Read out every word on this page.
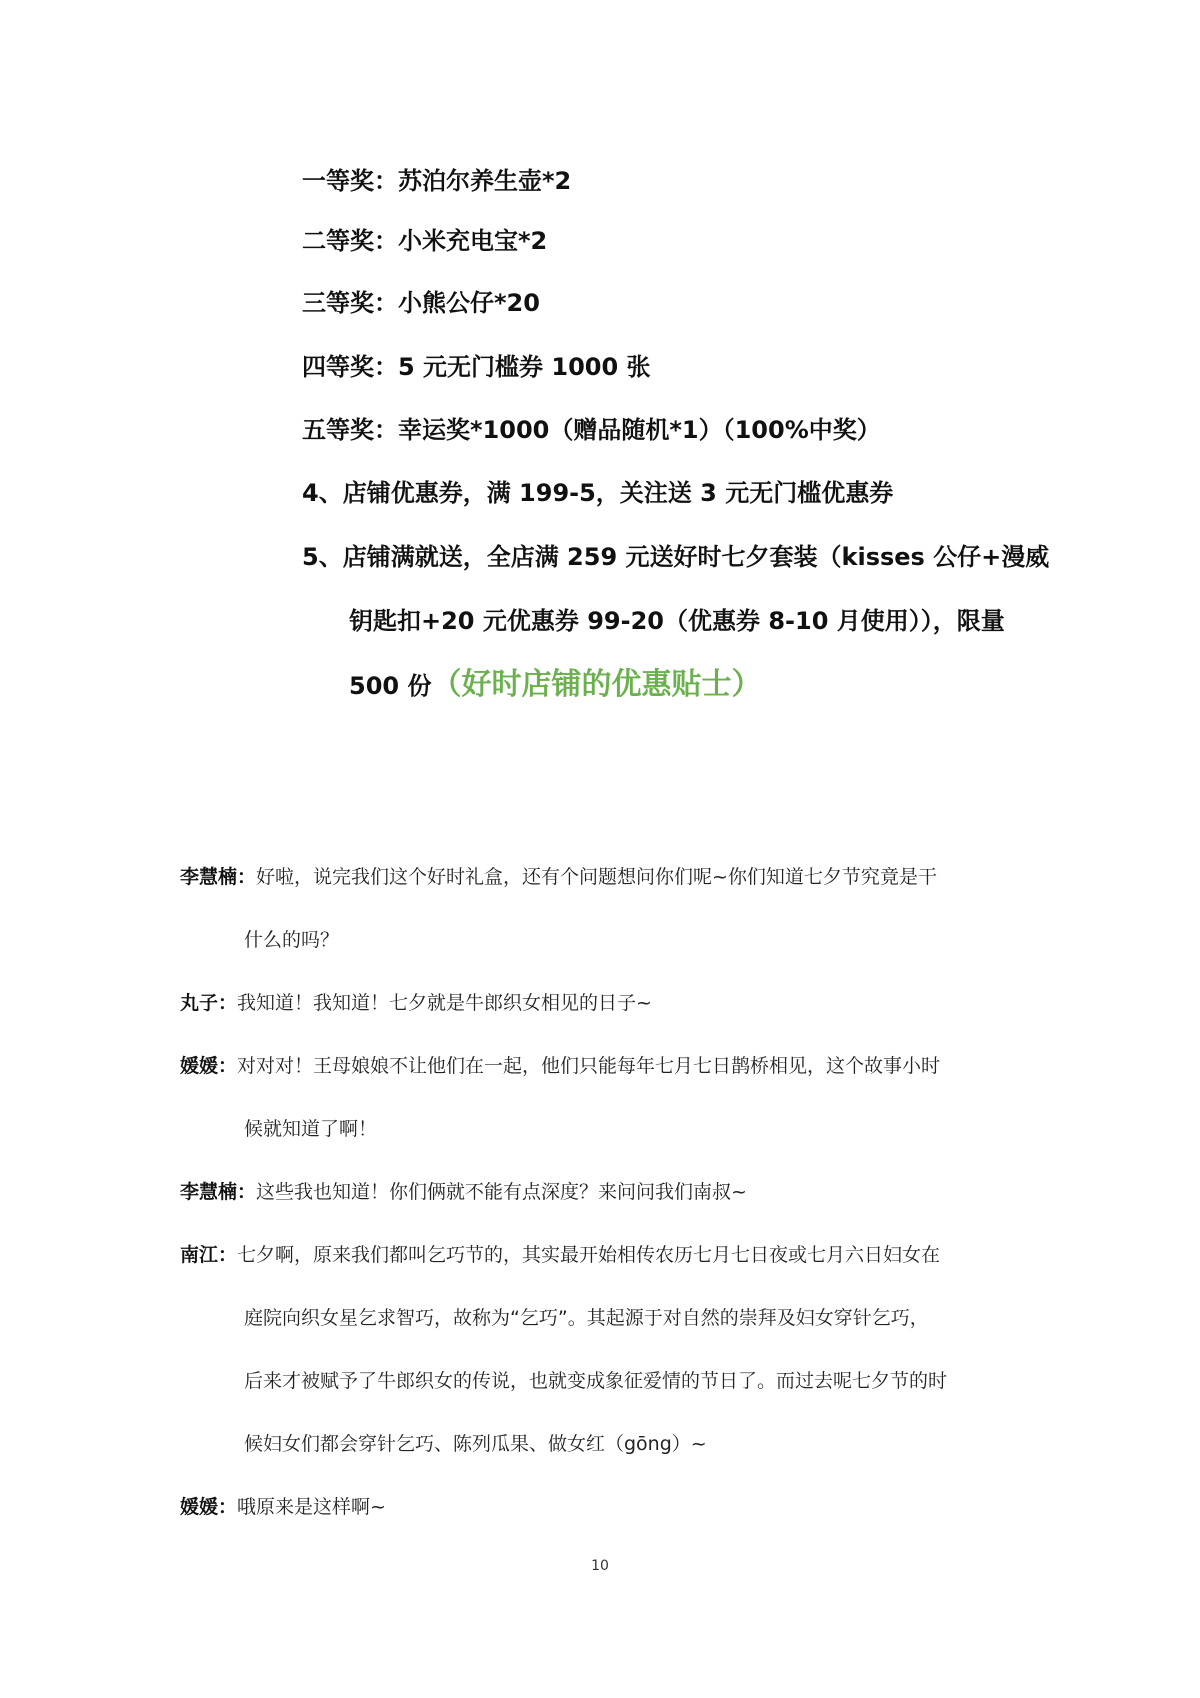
一等奖：苏泊尔养生壶*2
二等奖：小米充电宝*2
三等奖：小熊公仔*20
四等奖：5 元无门槛券 1000 张
五等奖：幸运奖*1000（赠品随机*1）（100%中奖）
4、店铺优惠券，满 199-5，关注送 3 元无门槛优惠券
5、店铺满就送，全店满 259 元送好时七夕套装（kisses 公仔+漫威
钥匙扣+20 元优惠券 99-20（优惠券 8-10 月使用）），限量
500 份（好时店铺的优惠贴士）
李慧楠：好啦，说完我们这个好时礼盒，还有个问题想问你们呢~你们知道七夕节究竟是干
什么的吗？
丸子：我知道！我知道！七夕就是牛郎织女相见的日子~
媛媛：对对对！王母娘娘不让他们在一起，他们只能每年七月七日鹊桥相见，这个故事小时
候就知道了啊！
李慧楠：这些我也知道！你们俩就不能有点深度？来问问我们南叔~
南江：七夕啊，原来我们都叫乞巧节的，其实最开始相传农历七月七日夜或七月六日妇女在
庭院向织女星乞求智巧，故称为“乞巧”。其起源于对自然的崇拜及妇女穿针乞巧，
后来才被赋予了牛郎织女的传说，也就变成象征爱情的节日了。而过去呢七夕节的时
候妇女们都会穿针乞巧、陈列瓜果、做女红（gōng）~
媛媛：哦原来是这样啊~
10
